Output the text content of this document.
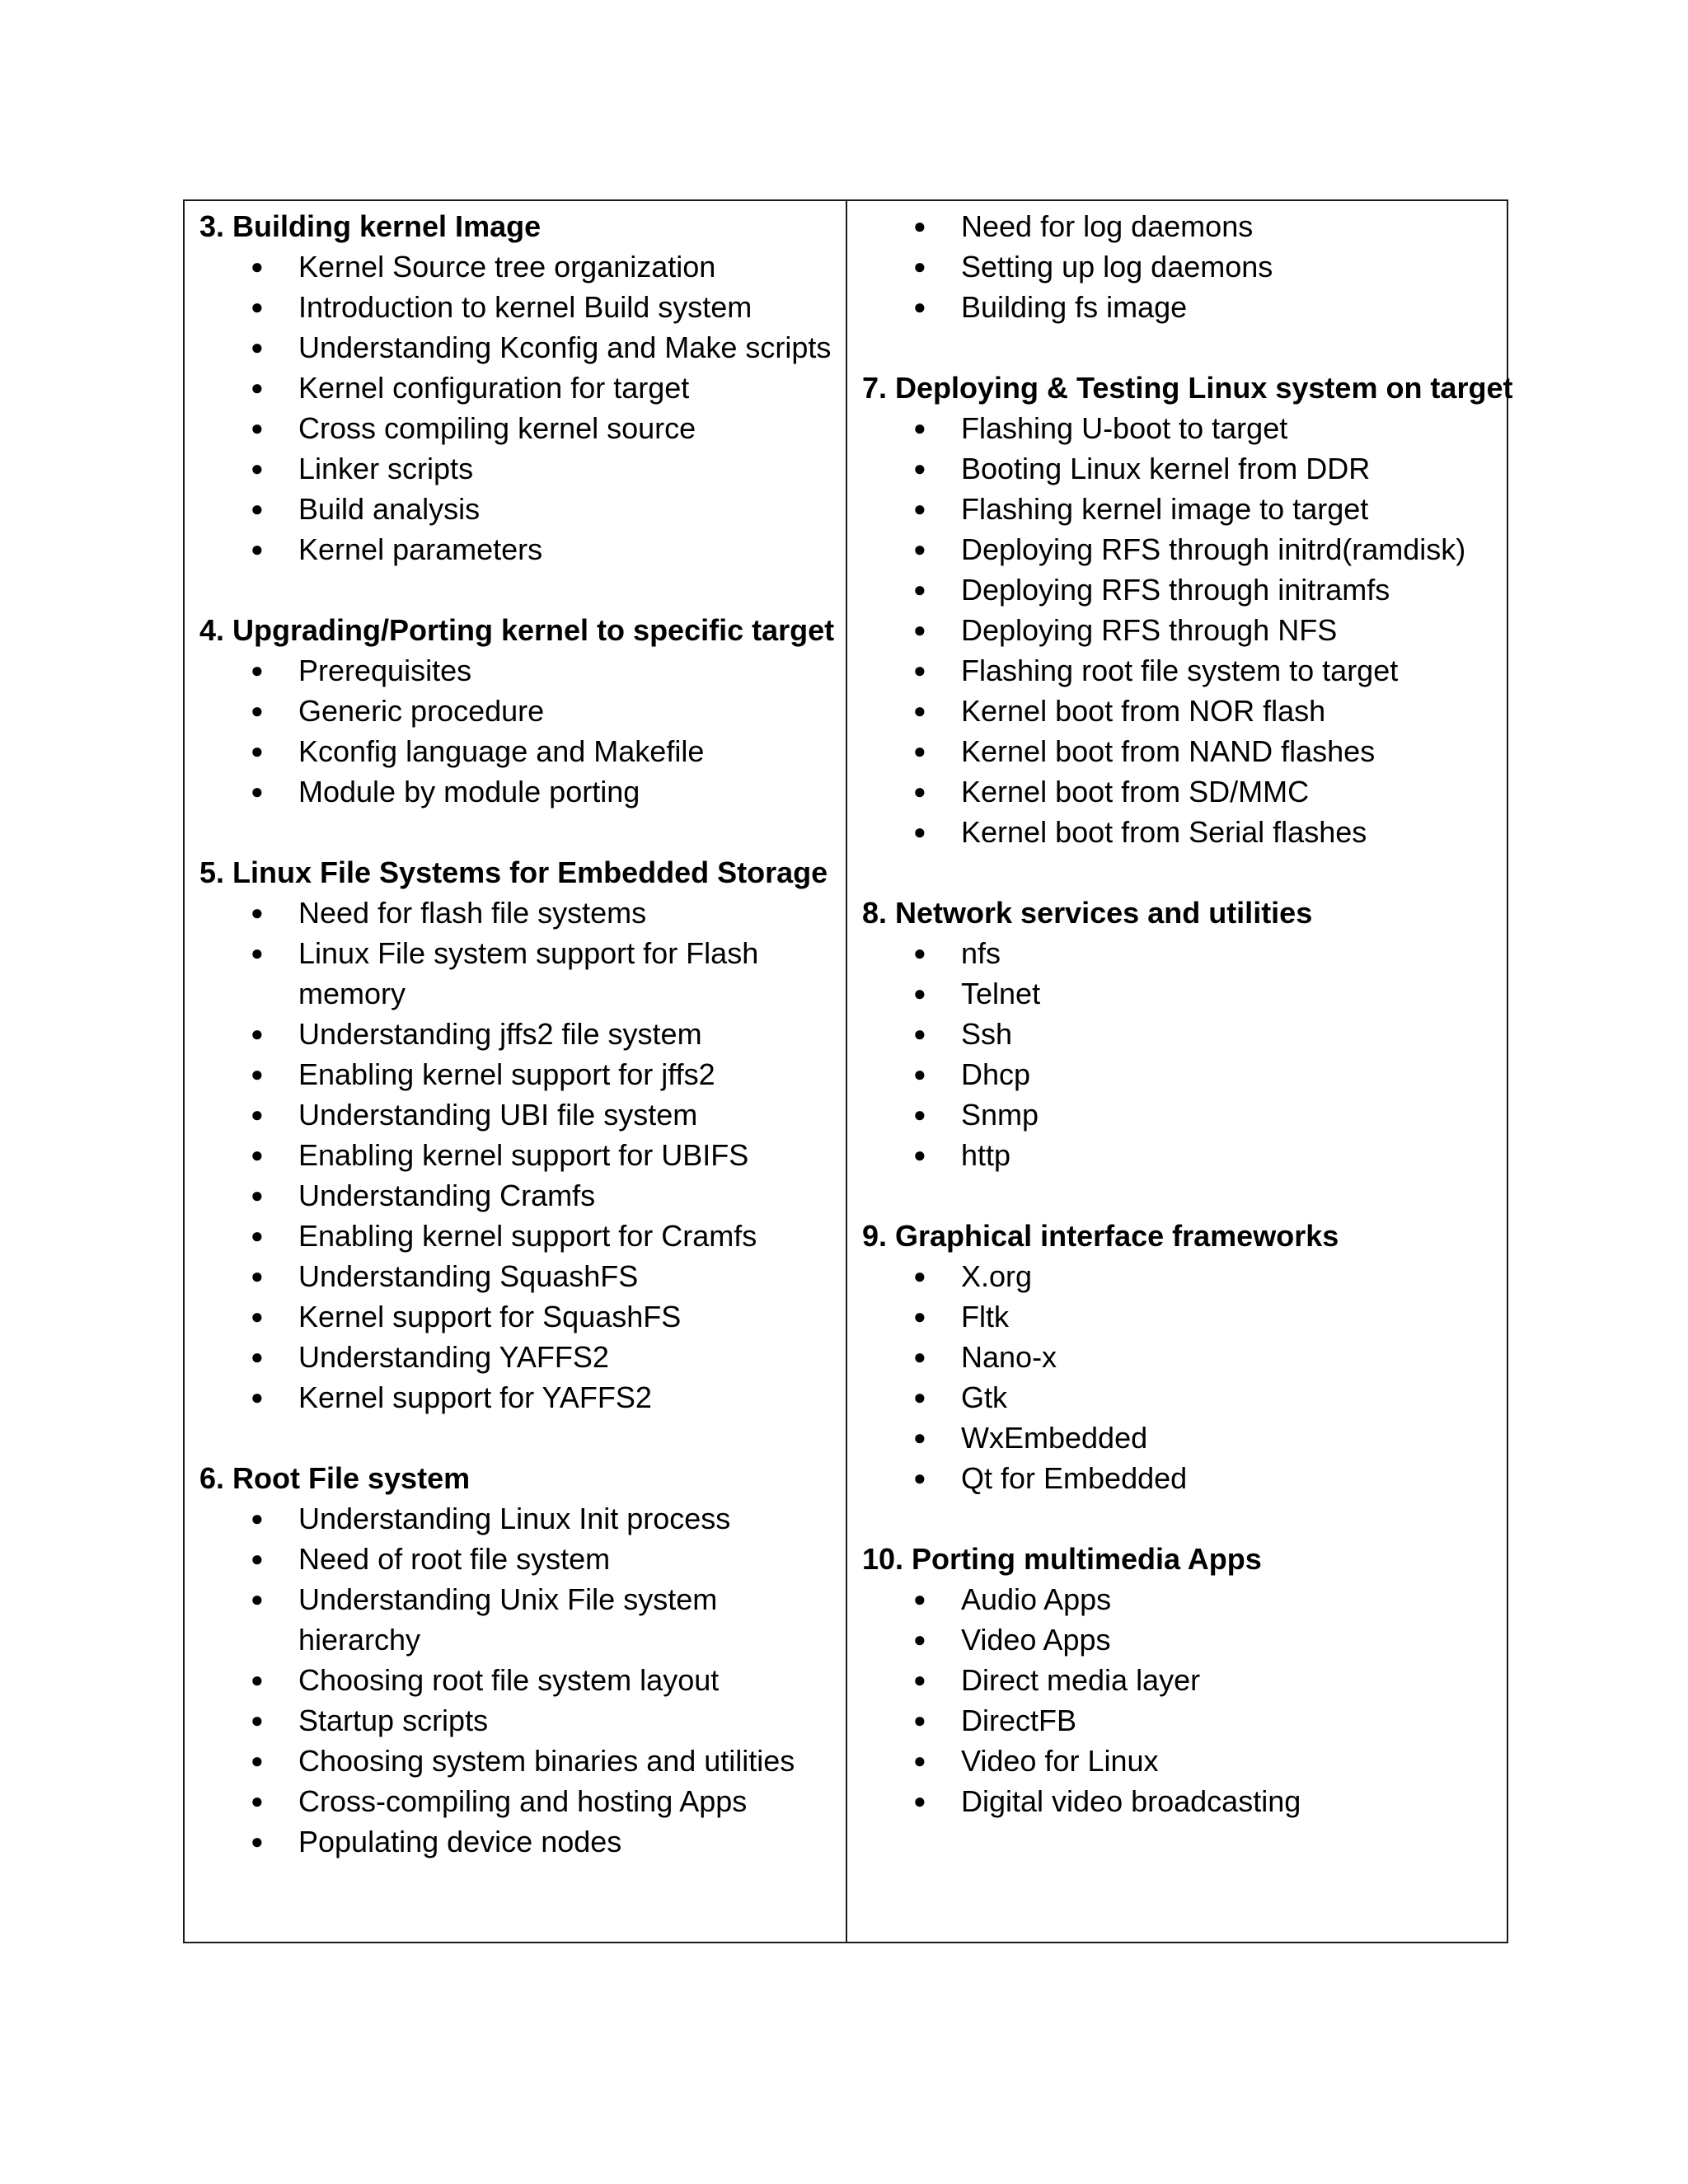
3. Building kernel Image
● Kernel Source tree organization
● Introduction to kernel Build system
● Understanding Kconfig and Make scripts
● Kernel configuration for target
● Cross compiling kernel source
● Linker scripts
● Build analysis
● Kernel parameters
4. Upgrading/Porting kernel to specific target
● Prerequisites
● Generic procedure
● Kconfig language and Makefile
● Module by module porting
5. Linux File Systems for Embedded Storage
● Need for flash file systems
● Linux File system support for Flash memory
● Understanding jffs2 file system
● Enabling kernel support for jffs2
● Understanding UBI file system
● Enabling kernel support for UBIFS
● Understanding Cramfs
● Enabling kernel support for Cramfs
● Understanding SquashFS
● Kernel support for SquashFS
● Understanding YAFFS2
● Kernel support for YAFFS2
6. Root File system
● Understanding Linux Init process
● Need of root file system
● Understanding Unix File system hierarchy
● Choosing root file system layout
● Startup scripts
● Choosing system binaries and utilities
● Cross-compiling and hosting Apps
● Populating device nodes
● Need for log daemons
● Setting up log daemons
● Building fs image
7. Deploying & Testing Linux system on target
● Flashing U-boot to target
● Booting Linux kernel from DDR
● Flashing kernel image to target
● Deploying RFS through initrd(ramdisk)
● Deploying RFS through initramfs
● Deploying RFS through NFS
● Flashing root file system to target
● Kernel boot from NOR flash
● Kernel boot from NAND flashes
● Kernel boot from SD/MMC
● Kernel boot from Serial flashes
8. Network services and utilities
● nfs
● Telnet
● Ssh
● Dhcp
● Snmp
● http
9. Graphical interface frameworks
● X.org
● Fltk
● Nano-x
● Gtk
● WxEmbedded
● Qt for Embedded
10. Porting multimedia Apps
● Audio Apps
● Video Apps
● Direct media layer
● DirectFB
● Video for Linux
● Digital video broadcasting
